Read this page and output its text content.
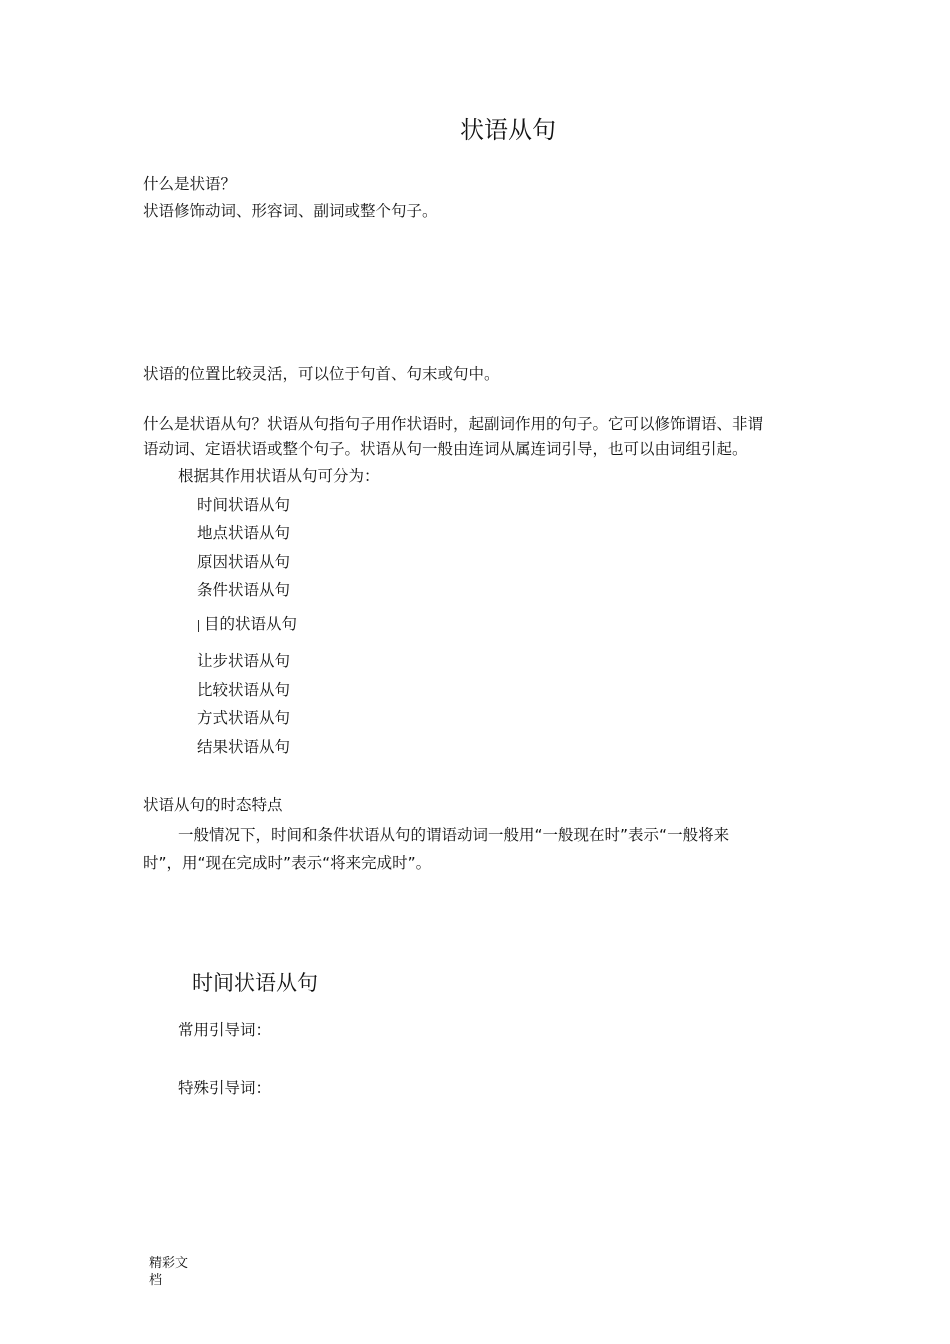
状语从句
什么是状语？
状语修饰动词、形容词、副词或整个句子。
状语的位置比较灵活，可以位于句首、句末或句中。
什么是状语从句？状语从句指句子用作状语时，起副词作用的句子。它可以修饰谓语、非谓
语动词、定语状语或整个句子。状语从句一般由连词从属连词引导，也可以由词组引起。
根据其作用状语从句可分为：
时间状语从句
地点状语从句
原因状语从句
条件状语从句
目的状语从句
让步状语从句
比较状语从句
方式状语从句
结果状语从句
状语从句的时态特点
一般情况下，时间和条件状语从句的谓语动词一般用“一般现在时”表示“一般将来
时”，用“现在完成时”表示“将来完成时”。
时间状语从句
常用引导词：
特殊引导词：
精彩文
档
